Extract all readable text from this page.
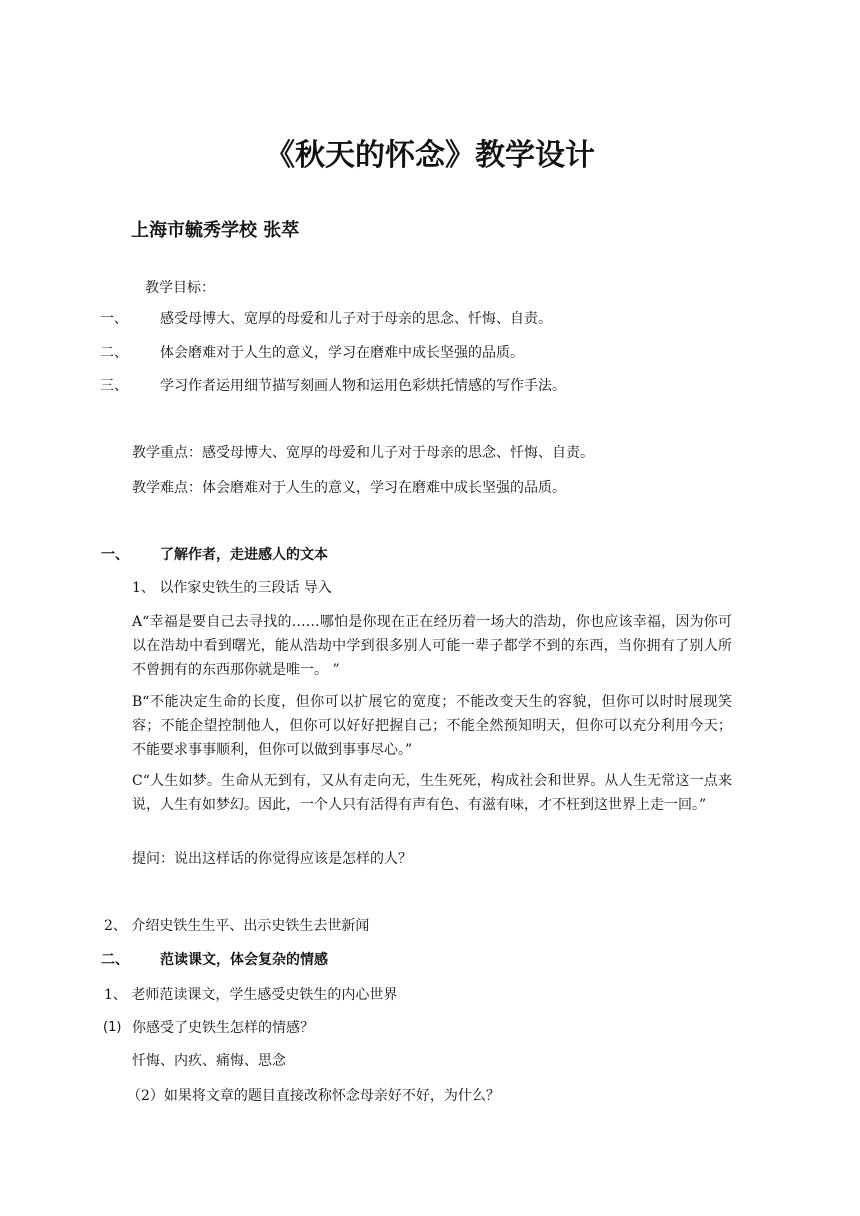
《秋天的怀念》教学设计
上海市毓秀学校 张萃
教学目标：
一、 感受母博大、宽厚的母爱和儿子对于母亲的思念、忏悔、自责。
二、 体会磨难对于人生的意义，学习在磨难中成长坚强的品质。
三、 学习作者运用细节描写刻画人物和运用色彩烘托情感的写作手法。
教学重点：感受母博大、宽厚的母爱和儿子对于母亲的思念、忏悔、自责。
教学难点：体会磨难对于人生的意义，学习在磨难中成长坚强的品质。
一、 了解作者，走进感人的文本
1、 以作家史铁生的三段话 导入
A“幸福是要自己去寻找的……哪怕是你现在正在经历着一场大的浩劫，你也应该幸福，因为你可以在浩劫中看到曙光，能从浩劫中学到很多别人可能一辈子都学不到的东西，当你拥有了别人所不曾拥有的东西那你就是唯一。 ”
B“不能决定生命的长度，但你可以扩展它的宽度；不能改变天生的容貌，但你可以时时展现笑容；不能企望控制他人，但你可以好好把握自己；不能全然预知明天，但你可以充分利用今天；不能要求事事顺利，但你可以做到事事尽心。”
C“人生如梦。生命从无到有，又从有走向无，生生死死，构成社会和世界。从人生无常这一点来说，人生有如梦幻。因此，一个人只有活得有声有色、有滋有味，才不枉到这世界上走一回。”
提问：说出这样话的你觉得应该是怎样的人？
2、 介绍史铁生生平、出示史铁生去世新闻
二、 范读课文，体会复杂的情感
1、 老师范读课文，学生感受史铁生的内心世界
(1) 你感受了史铁生怎样的情感？
忏悔、内疚、痛悔、思念
（2）如果将文章的题目直接改称怀念母亲好不好，为什么？
